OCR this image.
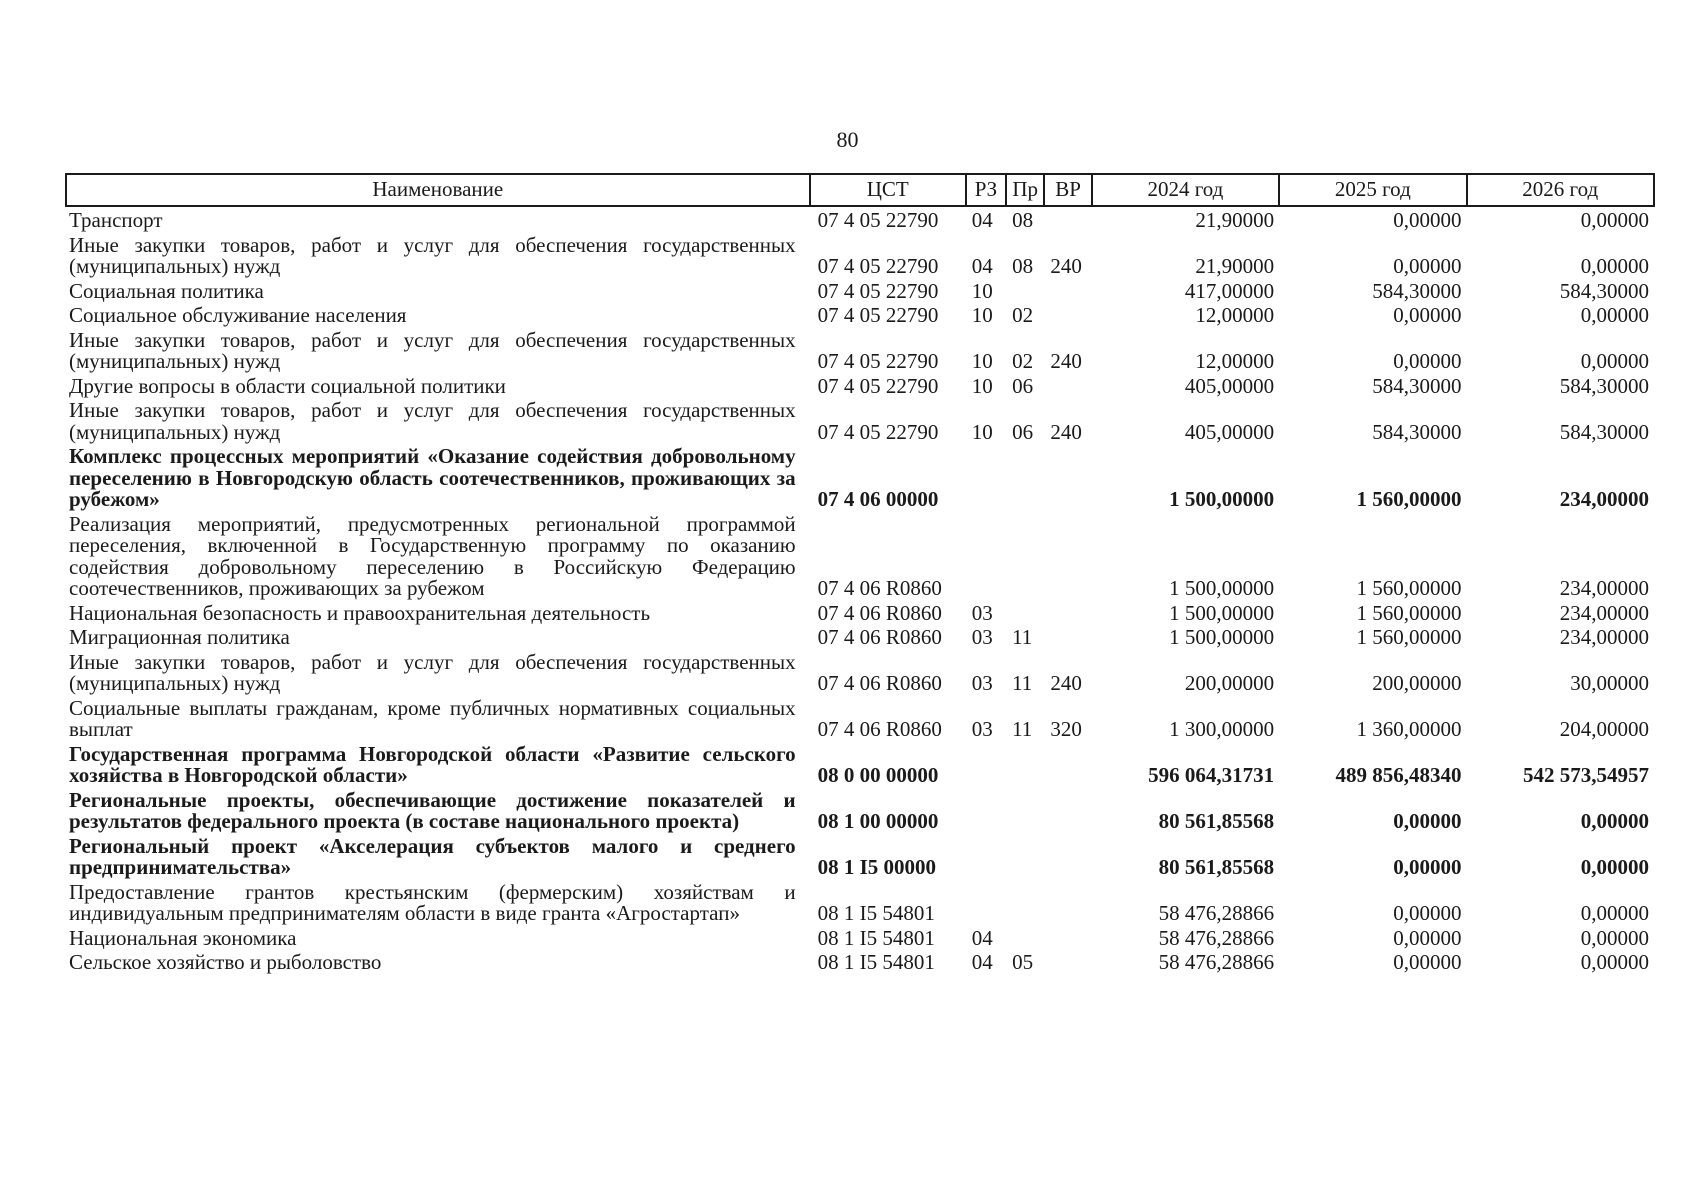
80
Наименование	ЦСТ	РЗ	Пр	ВР	2024 год	2025 год	2026 год
Транспорт	07 4 05 22790	04	08		21,90000	0,00000	0,00000
Иные закупки товаров, работ и услуг для обеспечения государственных (муниципальных) нужд	07 4 05 22790	04	08	240	21,90000	0,00000	0,00000
Социальная политика	07 4 05 22790	10			417,00000	584,30000	584,30000
Социальное обслуживание населения	07 4 05 22790	10	02		12,00000	0,00000	0,00000
Иные закупки товаров, работ и услуг для обеспечения государственных (муниципальных) нужд	07 4 05 22790	10	02	240	12,00000	0,00000	0,00000
Другие вопросы в области социальной политики	07 4 05 22790	10	06		405,00000	584,30000	584,30000
Иные закупки товаров, работ и услуг для обеспечения государственных (муниципальных) нужд	07 4 05 22790	10	06	240	405,00000	584,30000	584,30000
Комплекс процессных мероприятий «Оказание содействия добровольному переселению в Новгородскую область соотечественников, проживающих за рубежом»	07 4 06 00000				1 500,00000	1 560,00000	234,00000
Реализация мероприятий, предусмотренных региональной программой переселения, включенной в Государственную программу по оказанию содействия добровольному переселению в Российскую Федерацию соотечественников, проживающих за рубежом	07 4 06 R0860				1 500,00000	1 560,00000	234,00000
Национальная безопасность и правоохранительная деятельность	07 4 06 R0860	03			1 500,00000	1 560,00000	234,00000
Миграционная политика	07 4 06 R0860	03	11		1 500,00000	1 560,00000	234,00000
Иные закупки товаров, работ и услуг для обеспечения государственных (муниципальных) нужд	07 4 06 R0860	03	11	240	200,00000	200,00000	30,00000
Социальные выплаты гражданам, кроме публичных нормативных социальных выплат	07 4 06 R0860	03	11	320	1 300,00000	1 360,00000	204,00000
Государственная программа Новгородской области «Развитие сельского хозяйства в Новгородской области»	08 0 00 00000				596 064,31731	489 856,48340	542 573,54957
Региональные проекты, обеспечивающие достижение показателей и результатов федерального проекта (в составе национального проекта)	08 1 00 00000				80 561,85568	0,00000	0,00000
Региональный проект «Акселерация субъектов малого и среднего предпринимательства»	08 1 I5 00000				80 561,85568	0,00000	0,00000
Предоставление грантов крестьянским (фермерским) хозяйствам и индивидуальным предпринимателям области в виде гранта «Агростартап»	08 1 I5 54801				58 476,28866	0,00000	0,00000
Национальная экономика	08 1 I5 54801	04			58 476,28866	0,00000	0,00000
Сельское хозяйство и рыболовство	08 1 I5 54801	04	05		58 476,28866	0,00000	0,00000
